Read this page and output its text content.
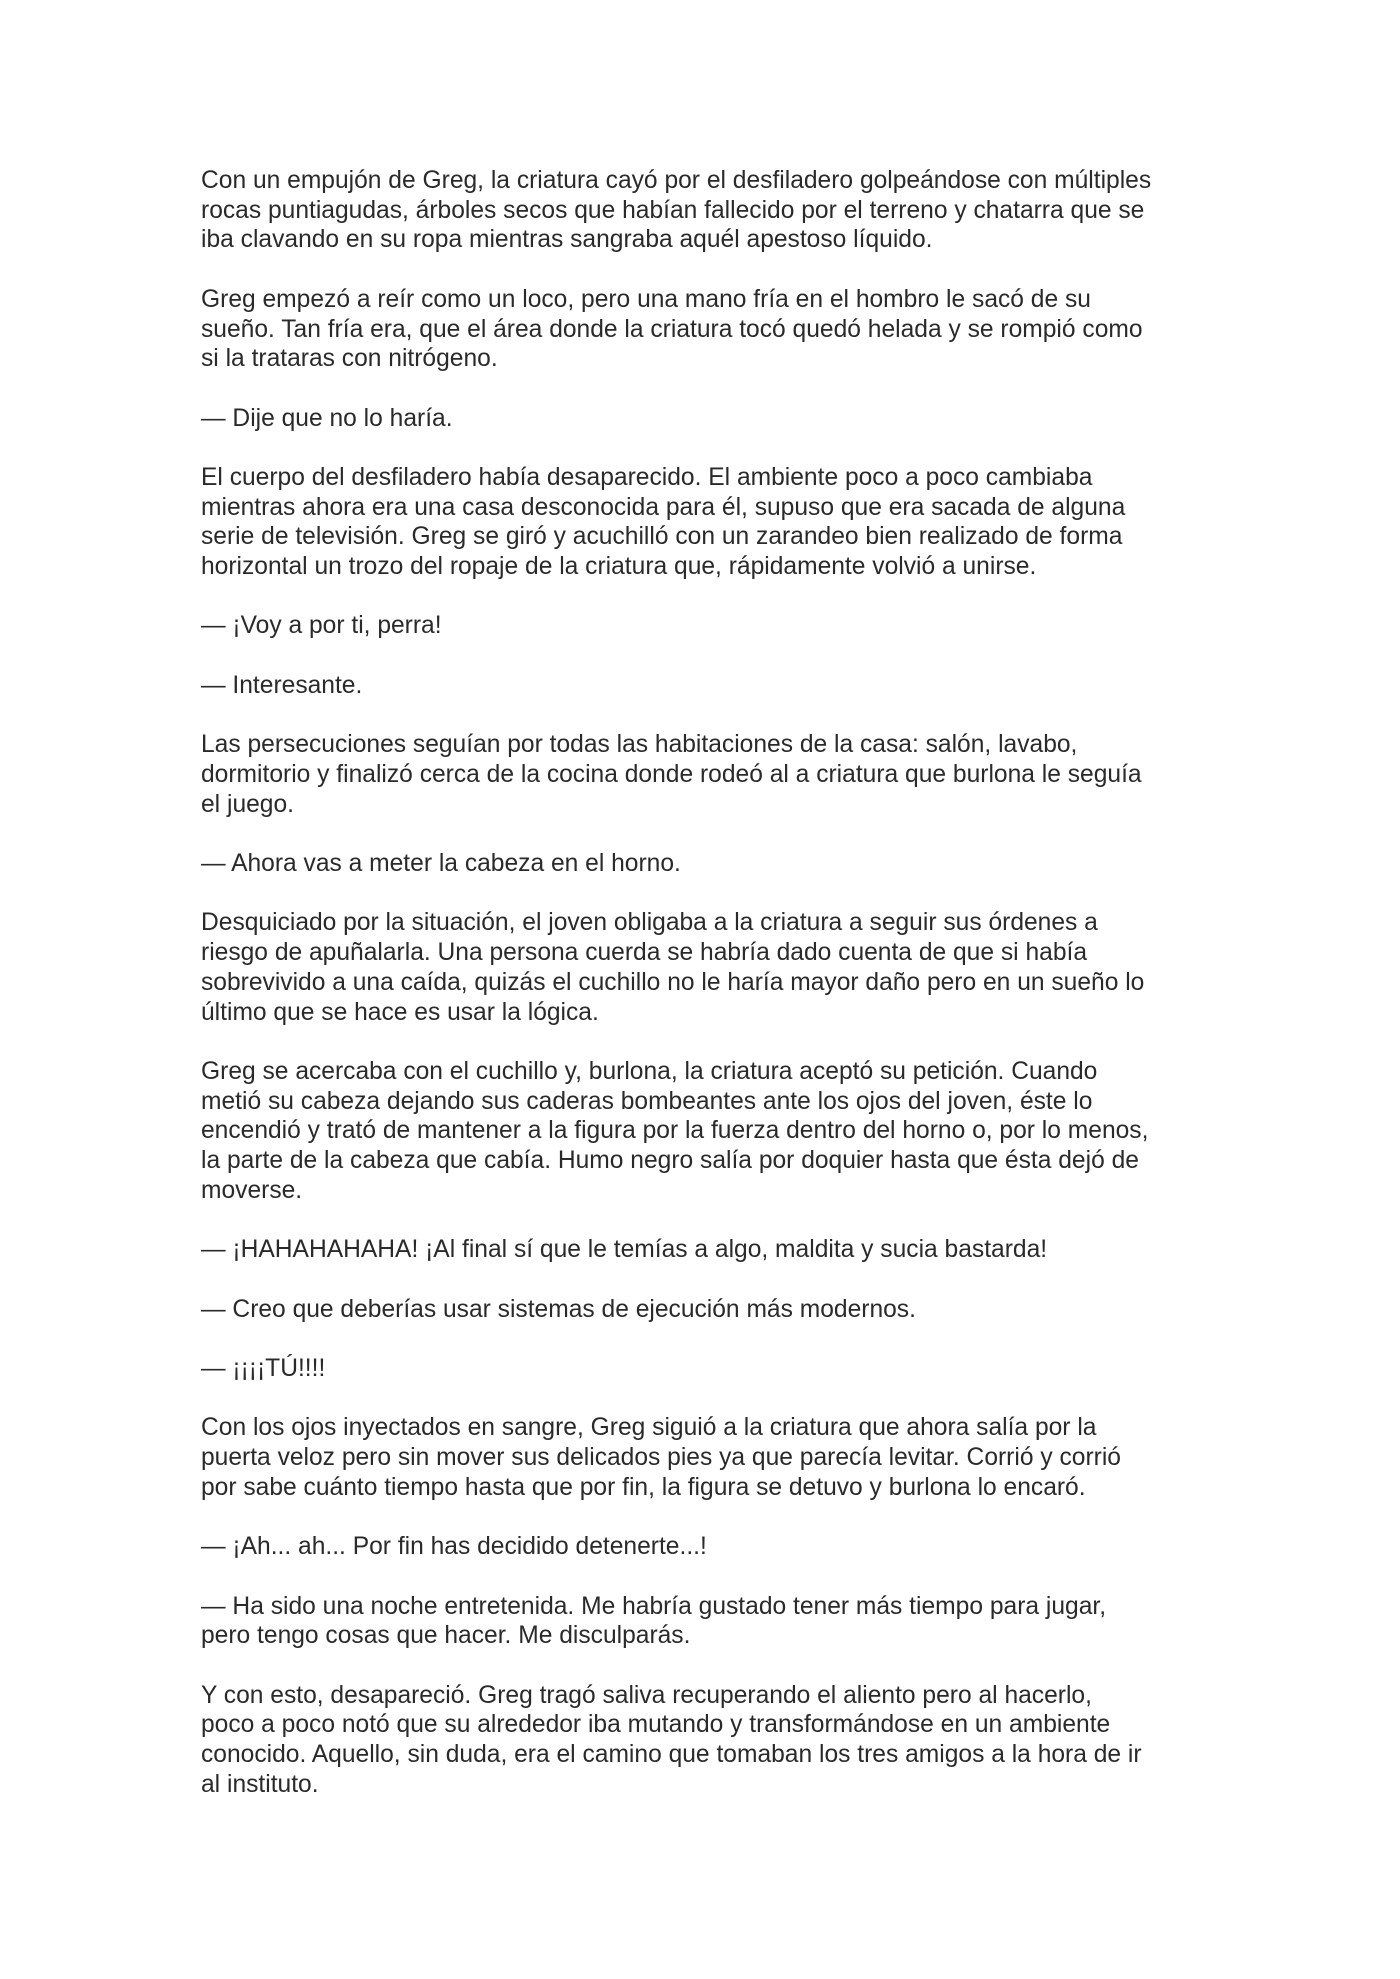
Con un empujón de Greg, la criatura cayó por el desfiladero golpeándose con múltiples
rocas puntiagudas, árboles secos que habían fallecido por el terreno y chatarra que se
iba clavando en su ropa mientras sangraba aquél apestoso líquido.

Greg empezó a reír como un loco, pero una mano fría en el hombro le sacó de su
sueño. Tan fría era, que el área donde la criatura tocó quedó helada y se rompió como
si la trataras con nitrógeno.

— Dije que no lo haría.

El cuerpo del desfiladero había desaparecido. El ambiente poco a poco cambiaba
mientras ahora era una casa desconocida para él, supuso que era sacada de alguna
serie de televisión. Greg se giró y acuchilló con un zarandeo bien realizado de forma
horizontal un trozo del ropaje de la criatura que, rápidamente volvió a unirse.

— ¡Voy a por ti, perra!

— Interesante.

Las persecuciones seguían por todas las habitaciones de la casa: salón, lavabo,
dormitorio y finalizó cerca de la cocina donde rodeó al a criatura que burlona le seguía
el juego.

— Ahora vas a meter la cabeza en el horno.

Desquiciado por la situación, el joven obligaba a la criatura a seguir sus órdenes a
riesgo de apuñalarla. Una persona cuerda se habría dado cuenta de que si había
sobrevivido a una caída, quizás el cuchillo no le haría mayor daño pero en un sueño lo
último que se hace es usar la lógica.

Greg se acercaba con el cuchillo y, burlona, la criatura aceptó su petición. Cuando
metió su cabeza dejando sus caderas bombeantes ante los ojos del joven, éste lo
encendió y trató de mantener a la figura por la fuerza dentro del horno o, por lo menos,
la parte de la cabeza que cabía. Humo negro salía por doquier hasta que ésta dejó de
moverse.

— ¡HAHAHAHAHA! ¡Al final sí que le temías a algo, maldita y sucia bastarda!

— Creo que deberías usar sistemas de ejecución más modernos.

— ¡¡¡¡TÚ!!!!

Con los ojos inyectados en sangre, Greg siguió a la criatura que ahora salía por la
puerta veloz pero sin mover sus delicados pies ya que parecía levitar. Corrió y corrió
por sabe cuánto tiempo hasta que por fin, la figura se detuvo y burlona lo encaró.

— ¡Ah... ah... Por fin has decidido detenerte...!

— Ha sido una noche entretenida. Me habría gustado tener más tiempo para jugar,
pero tengo cosas que hacer. Me disculparás.

Y con esto, desapareció. Greg tragó saliva recuperando el aliento pero al hacerlo,
poco a poco notó que su alrededor iba mutando y transformándose en un ambiente
conocido. Aquello, sin duda, era el camino que tomaban los tres amigos a la hora de ir
al instituto.
